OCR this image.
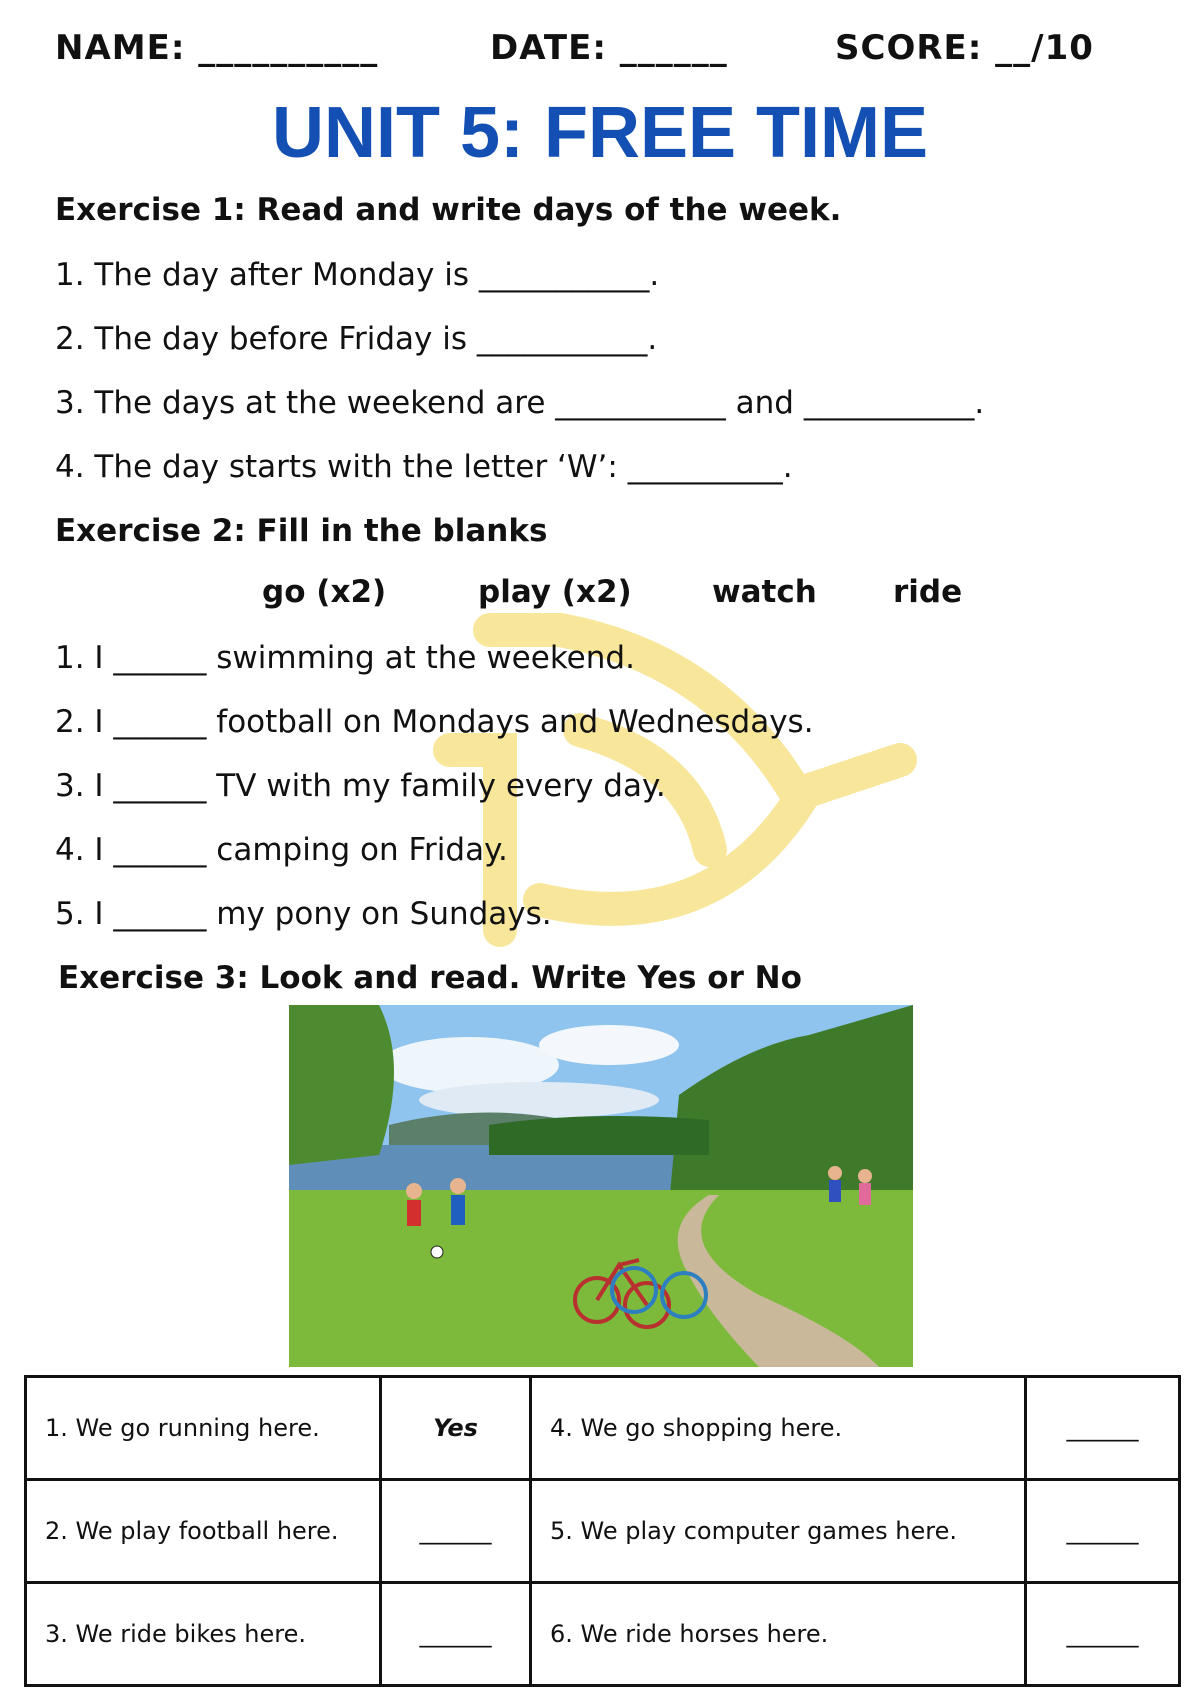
NAME: __________	DATE: ______	SCORE: __/10
UNIT 5: FREE TIME
Exercise 1: Read and write days of the week.
1. The day after Monday is ___________.
2. The day before Friday is ___________.
3. The days at the weekend are ___________ and ___________.
4. The day starts with the letter ‘W’: __________.
Exercise 2: Fill in the blanks
go (x2)	play (x2)	watch ride
1. I ______ swimming at the weekend.
2. I ______ football on Mondays and Wednesdays.
3. I ______ TV with my family every day.
4. I ______ camping on Friday.
5. I ______ my pony on Sundays.
Exercise 3: Look and read. Write Yes or No
1. We go running here.	Yes	4. We go shopping here.	______
2. We play football here.	______	5. We play computer games here.	______
3. We ride bikes here.	______	6. We ride horses here.	______
